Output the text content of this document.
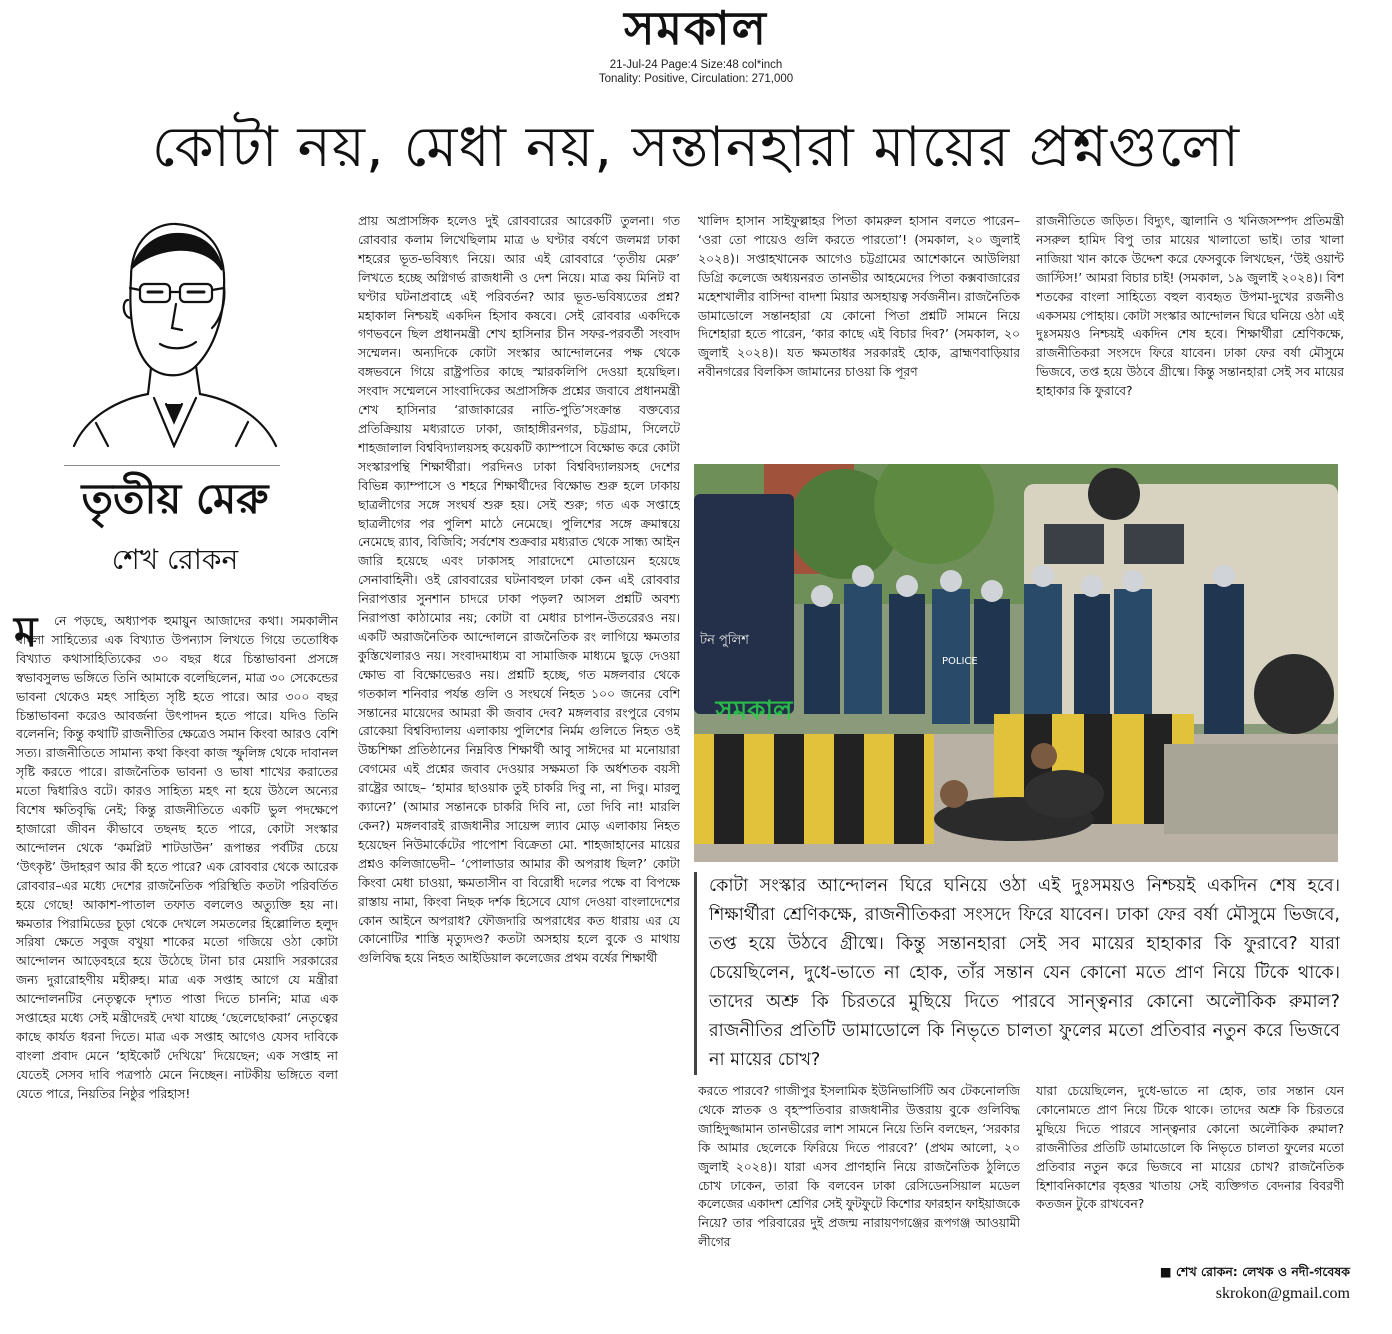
সমকাল
21-Jul-24 Page:4 Size:48 col*inch
Tonality: Positive, Circulation: 271,000
কোটা নয়, মেধা নয়, সন্তানহারা মায়ের প্রশ্নগুলো
তৃতীয় মেরু
শেখ রোকন
ম	নে পড়ছে, অধ্যাপক হুমায়ুন আজাদের কথা। সমকালীন বাংলা সাহিত্যের এক বিখ্যাত উপন্যাস লিখতে গিয়ে ততোধিক বিখ্যাত কথাসাহিত্যিকের ৩০ বছর ধরে চিন্তাভাবনা প্রসঙ্গে স্বভাবসুলভ ভঙ্গিতে তিনি আমাকে বলেছিলেন, মাত্র ৩০ সেকেন্ডের ভাবনা থেকেও মহৎ সাহিত্য সৃষ্টি হতে পারে। আর ৩০০ বছর চিন্তাভাবনা করেও আবর্জনা উৎপাদন হতে পারে। যদিও তিনি বলেননি; কিন্তু কথাটি রাজনীতির ক্ষেত্রেও সমান কিংবা আরও বেশি সত্য। রাজনীতিতে সামান্য কথা কিংবা কাজ স্ফুলিঙ্গ থেকে দাবানল সৃষ্টি করতে পারে। রাজনৈতিক ভাবনা ও ভাষা শাখের করাতের মতো দ্বিধারিও বটে। কারও সাহিত্য মহৎ না হয়ে উঠলে অন্যের বিশেষ ক্ষতিবৃদ্ধি নেই; কিন্তু রাজনীতিতে একটি ভুল পদক্ষেপে হাজারো জীবন কীভাবে তছনছ হতে পারে, কোটা সংস্কার আন্দোলন থেকে ‘কমপ্লিট শাটডাউন’ রূপান্তর পর্বটির চেয়ে ‘উৎকৃষ্ট’ উদাহরণ আর কী হতে পারে? এক রোববার থেকে আরেক রোববার–এর মধ্যে দেশের রাজনৈতিক পরিস্থিতি কতটা পরিবর্তিত হয়ে গেছে! আকাশ-পাতাল তফাত বললেও অত্যুক্তি হয় না। ক্ষমতার পিরামিডের চূড়া থেকে দেখলে সমতলের হিল্লোলিত হলুদ সরিষা ক্ষেতে সবুজ বখুয়া শাকের মতো গজিয়ে ওঠা কোটা আন্দোলন আড়েবহরে হয়ে উঠেছে টানা চার মেয়াদি সরকারের জন্য দুরারোহণীয় মহীরুহ। মাত্র এক সপ্তাহ আগে যে মন্ত্রীরা আন্দোলনটির নেতৃত্বকে দৃশ্যত পাত্তা দিতে চাননি; মাত্র এক সপ্তাহের মধ্যে সেই মন্ত্রীদেরই দেখা যাচ্ছে ‘ছেলেছোকরা’ নেতৃত্বের কাছে কার্যত ধরনা দিতে। মাত্র এক সপ্তাহ আগেও যেসব দাবিকে বাংলা প্রবাদ মেনে ‘হাইকোর্ট দেখিয়ে’ দিয়েছেন; এক সপ্তাহ না যেতেই সেসব দাবি পত্রপাঠ মেনে নিচ্ছেন। নাটকীয় ভঙ্গিতে বলা যেতে পারে, নিয়তির নিষ্ঠুর পরিহাস!
প্রায় অপ্রাসঙ্গিক হলেও দুই রোববারের আরেকটি তুলনা। গত রোববার কলাম লিখেছিলাম মাত্র ৬ ঘণ্টার বর্ষণে জলমগ্ন ঢাকা শহরের ভূত-ভবিষ্যৎ নিয়ে। আর এই রোববারে ‘তৃতীয় মেরু’ লিখতে হচ্ছে অগ্নিগর্ভ রাজধানী ও দেশ নিয়ে। মাত্র কয় মিনিট বা ঘণ্টার ঘটনাপ্রবাহে এই পরিবর্তন? আর ভূত-ভবিষ্যতের প্রশ্ন? মহাকাল নিশ্চয়ই একদিন হিসাব কষবে। সেই রোববার একদিকে গণভবনে ছিল প্রধানমন্ত্রী শেখ হাসিনার চীন সফর-পরবর্তী সংবাদ সম্মেলন। অন্যদিকে কোটা সংস্কার আন্দোলনের পক্ষ থেকে বঙ্গভবনে গিয়ে রাষ্ট্রপতির কাছে স্মারকলিপি দেওয়া হয়েছিল। সংবাদ সম্মেলনে সাংবাদিকের অপ্রাসঙ্গিক প্রশ্নের জবাবে প্রধানমন্ত্রী শেখ হাসিনার ‘রাজাকারের নাতি-পুতি’সংক্রান্ত বক্তব্যের প্রতিক্রিয়ায় মধ্যরাতে ঢাকা, জাহাঙ্গীরনগর, চট্টগ্রাম, সিলেটে শাহজালাল বিশ্ববিদ্যালয়সহ কয়েকটি ক্যাম্পাসে বিক্ষোভ করে কোটা সংস্কারপন্থি শিক্ষার্থীরা। পরদিনও ঢাকা বিশ্ববিদ্যালয়সহ দেশের বিভিন্ন ক্যাম্পাসে ও শহরে শিক্ষার্থীদের বিক্ষোভ শুরু হলে ঢাকায় ছাত্রলীগের সঙ্গে সংঘর্ষ শুরু হয়। সেই শুরু; গত এক সপ্তাহে ছাত্রলীগের পর পুলিশ মাঠে নেমেছে। পুলিশের সঙ্গে ক্রমান্বয়ে নেমেছে র‍্যাব, বিজিবি; সর্বশেষ শুক্রবার মধ্যরাত থেকে সান্ধ্য আইন জারি হয়েছে এবং ঢাকাসহ সারাদেশে মোতায়েন হয়েছে সেনাবাহিনী। ওই রোববারের ঘটনাবহুল ঢাকা কেন এই রোববার নিরাপত্তার সুনশান চাদরে ঢাকা পড়ল? আসল প্রশ্নটি অবশ্য নিরাপত্তা কাঠামোর নয়; কোটা বা মেধার চাপান-উতরেরও নয়। একটি অরাজনৈতিক আন্দোলনে রাজনৈতিক রং লাগিয়ে ক্ষমতার কুস্তিখেলারও নয়। সংবাদমাধ্যম বা সামাজিক মাধ্যমে ছুড়ে দেওয়া ক্ষোভ বা বিক্ষোভেরও নয়। প্রশ্নটি হচ্ছে, গত মঙ্গলবার থেকে গতকাল শনিবার পর্যন্ত গুলি ও সংঘর্ষে নিহত ১০০ জনের বেশি সন্তানের মায়েদের আমরা কী জবাব দেব? মঙ্গলবার রংপুরে বেগম রোকেয়া বিশ্ববিদ্যালয় এলাকায় পুলিশের নির্মম গুলিতে নিহত ওই উচ্চশিক্ষা প্রতিষ্ঠানের নিম্নবিত্ত শিক্ষার্থী আবু সাঈদের মা মনোয়ারা বেগমের এই প্রশ্নের জবাব দেওয়ার সক্ষমতা কি অর্ধশতক বয়সী রাষ্ট্রের আছে– ‘হামার ছাওয়াক তুই চাকরি দিবু না, না দিবু। মারলু ক্যানে?’ (আমার সন্তানকে চাকরি দিবি না, তো দিবি না! মারলি কেন?) মঙ্গলবারই রাজধানীর সায়েন্স ল্যাব মোড় এলাকায় নিহত হয়েছেন নিউমার্কেটের পাপোশ বিক্রেতা মো. শাহজাহানের মায়ের প্রশ্নও কলিজাভেদী– ‘পোলাডার আমার কী অপরাধ ছিল?’ কোটা কিংবা মেধা চাওয়া, ক্ষমতাসীন বা বিরোধী দলের পক্ষে বা বিপক্ষে রাস্তায় নামা, কিংবা নিছক দর্শক হিসেবে যোগ দেওয়া বাংলাদেশের কোন আইনে অপরাধ? ফৌজদারি অপরাধের কত ধারায় এর যে কোনোটির শাস্তি মৃত্যুদণ্ড? কতটা অসহায় হলে বুকে ও মাথায় গুলিবিদ্ধ হয়ে নিহত আইডিয়াল কলেজের প্রথম বর্ষের শিক্ষার্থী
খালিদ হাসান সাইফুল্লাহর পিতা কামরুল হাসান বলতে পারেন– ‘ওরা তো পায়েও গুলি করতে পারতো’! (সমকাল, ২০ জুলাই ২০২৪)। সপ্তাহখানেক আগেও চট্টগ্রামের আশেকানে আউলিয়া ডিগ্রি কলেজে অধ্যয়নরত তানভীর আহমেদের পিতা কক্সবাজারের মহেশখালীর বাসিন্দা বাদশা মিয়ার অসহায়ত্ব সর্বজনীন। রাজনৈতিক ডামাডোলে সন্তানহারা যে কোনো পিতা প্রশ্নটি সামনে নিয়ে দিশেহারা হতে পারেন, ‘কার কাছে এই বিচার দিব?’ (সমকাল, ২০ জুলাই ২০২৪)। যত ক্ষমতাধর সরকারই হোক, ব্রাহ্মণবাড়িয়ার নবীনগরের বিলকিস জামানের চাওয়া কি পূরণ
রাজনীতিতে জড়িত। বিদ্যুৎ, জ্বালানি ও খনিজসম্পদ প্রতিমন্ত্রী নসরুল হামিদ বিপু তার মায়ের খালাতো ভাই। তার খালা নাজিয়া খান কাকে উদ্দেশ করে ফেসবুকে লিখছেন, ‘উই ওয়ান্ট জাস্টিস!’ আমরা বিচার চাই! (সমকাল, ১৯ জুলাই ২০২৪)। বিশ শতকের বাংলা সাহিত্যে বহুল ব্যবহৃত উপমা-দুখের রজনীও একসময় পোহায়। কোটা সংস্কার আন্দোলন ঘিরে ঘনিয়ে ওঠা এই দুঃসময়ও নিশ্চয়ই একদিন শেষ হবে। শিক্ষার্থীরা শ্রেণিকক্ষে, রাজনীতিকরা সংসদে ফিরে যাবেন। ঢাকা ফের বর্ষা মৌসুমে ভিজবে, তপ্ত হয়ে উঠবে গ্রীষ্মে। কিন্তু সন্তানহারা সেই সব মায়ের হাহাকার কি ফুরাবে?
টন পুলিশ
POLICE
সমকাল
কোটা সংস্কার আন্দোলন ঘিরে ঘনিয়ে ওঠা এই দুঃসময়ও নিশ্চয়ই একদিন শেষ হবে। শিক্ষার্থীরা শ্রেণিকক্ষে, রাজনীতিকরা সংসদে ফিরে যাবেন। ঢাকা ফের বর্ষা মৌসুমে ভিজবে, তপ্ত হয়ে উঠবে গ্রীষ্মে। কিন্তু সন্তানহারা সেই সব মায়ের হাহাকার কি ফুরাবে? যারা চেয়েছিলেন, দুধে-ভাতে না হোক, তাঁর সন্তান যেন কোনো মতে প্রাণ নিয়ে টিকে থাকে। তাদের অশ্রু কি চিরতরে মুছিয়ে দিতে পারবে সান্ত্বনার কোনো অলৌকিক রুমাল? রাজনীতির প্রতিটি ডামাডোলে কি নিভৃতে চালতা ফুলের মতো প্রতিবার নতুন করে ভিজবে না মায়ের চোখ?
করতে পারবে? গাজীপুর ইসলামিক ইউনিভার্সিটি অব টেকনোলজি থেকে স্নাতক ও বৃহস্পতিবার রাজধানীর উত্তরায় বুকে গুলিবিদ্ধ জাহিদুজ্জামান তানভীরের লাশ সামনে নিয়ে তিনি বলছেন, ‘সরকার কি আমার ছেলেকে ফিরিয়ে দিতে পারবে?’ (প্রথম আলো, ২০ জুলাই ২০২৪)। যারা এসব প্রাণহানি নিয়ে রাজনৈতিক ঠুলিতে চোখ ঢাকেন, তারা কি বলবেন ঢাকা রেসিডেনসিয়াল মডেল কলেজের একাদশ শ্রেণির সেই ফুটফুটে কিশোর ফারহান ফাইয়াজকে নিয়ে? তার পরিবারের দুই প্রজন্ম নারায়ণগঞ্জের রূপগঞ্জ আওয়ামী লীগের
যারা চেয়েছিলেন, দুধে-ভাতে না হোক, তার সন্তান যেন কোনোমতে প্রাণ নিয়ে টিকে থাকে। তাদের অশ্রু কি চিরতরে মুছিয়ে দিতে পারবে সান্ত্বনার কোনো অলৌকিক রুমাল? রাজনীতির প্রতিটি ডামাডোলে কি নিভৃতে চালতা ফুলের মতো প্রতিবার নতুন করে ভিজবে না মায়ের চোখ? রাজনৈতিক হিশাবনিকাশের বৃহত্তর খাতায় সেই ব্যক্তিগত বেদনার বিবরণী কতজন টুকে রাখবেন?
■ শেখ রোকন: লেখক ও নদী-গবেষক
skrokon@gmail.com
